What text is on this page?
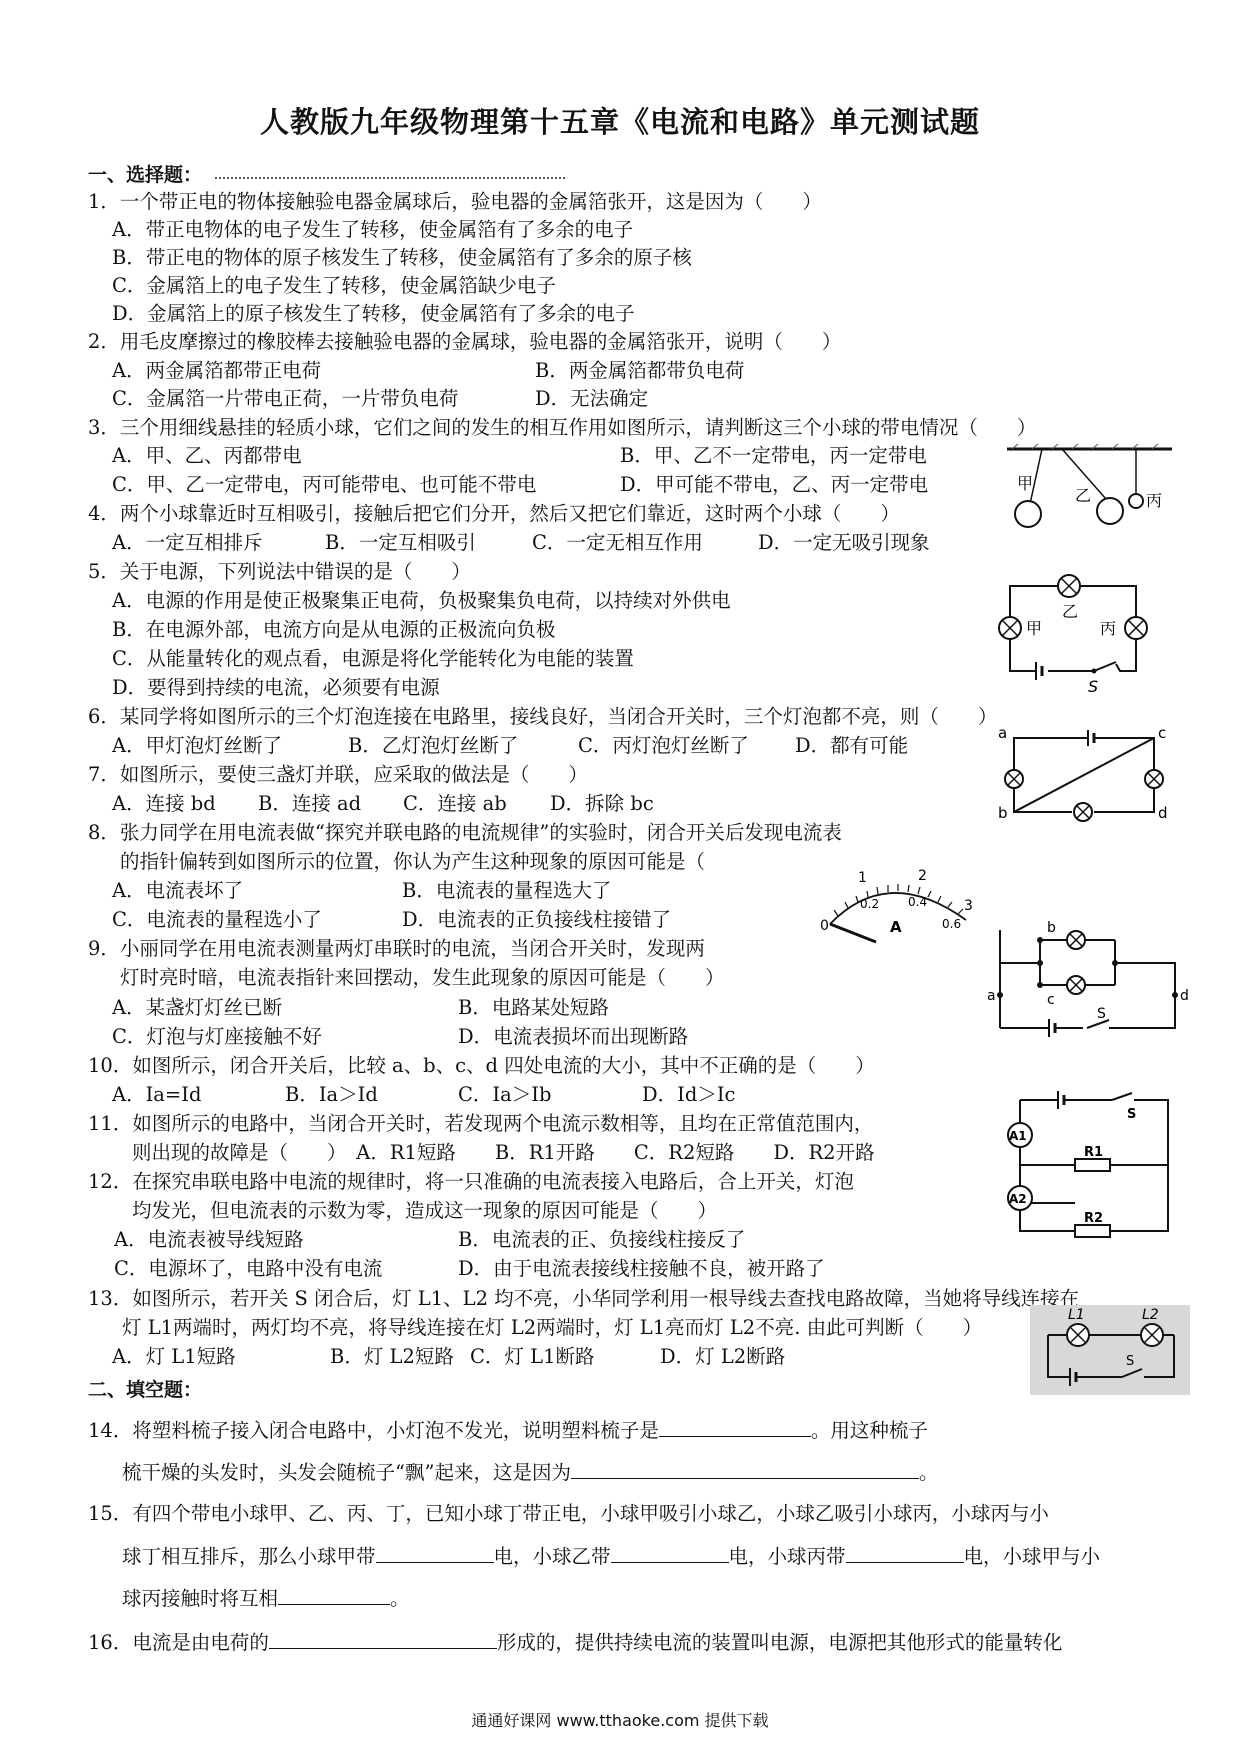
人教版九年级物理第十五章《电流和电路》单元测试题
一、选择题：
1．一个带正电的物体接触验电器金属球后，验电器的金属箔张开，这是因为（　　）
A．带正电物体的电子发生了转移，使金属箔有了多余的电子
B．带正电的物体的原子核发生了转移，使金属箔有了多余的原子核
C．金属箔上的电子发生了转移，使金属箔缺少电子
D．金属箔上的原子核发生了转移，使金属箔有了多余的电子
2．用毛皮摩擦过的橡胶棒去接触验电器的金属球，验电器的金属箔张开，说明（　　）
A．两金属箔都带正电荷	B．两金属箔都带负电荷
C．金属箔一片带电正荷，一片带负电荷	D．无法确定
3．三个用细线悬挂的轻质小球，它们之间的发生的相互作用如图所示，请判断这三个小球的带电情况（　　）
A．甲、乙、丙都带电	B．甲、乙不一定带电，丙一定带电
C．甲、乙一定带电，丙可能带电、也可能不带电	D．甲可能不带电，乙、丙一定带电
4．两个小球靠近时互相吸引，接触后把它们分开，然后又把它们靠近，这时两个小球（　　）
A．一定互相排斥	B．一定互相吸引	C．一定无相互作用	D．一定无吸引现象
5．关于电源，下列说法中错误的是（　　）
A．电源的作用是使正极聚集正电荷，负极聚集负电荷，以持续对外供电
B．在电源外部，电流方向是从电源的正极流向负极
C．从能量转化的观点看，电源是将化学能转化为电能的装置
D．要得到持续的电流，必须要有电源
6．某同学将如图所示的三个灯泡连接在电路里，接线良好，当闭合开关时，三个灯泡都不亮，则（　　）
A．甲灯泡灯丝断了	B．乙灯泡灯丝断了	C．丙灯泡灯丝断了 D．都有可能
7．如图所示，要使三盏灯并联，应采取的做法是（　　）
A．连接 bd B．连接 ad C．连接 ab D．拆除 bc
8．张力同学在用电流表做“探究并联电路的电流规律”的实验时，闭合开关后发现电流表
的指针偏转到如图所示的位置，你认为产生这种现象的原因可能是（
A．电流表坏了	B．电流表的量程选大了
C．电流表的量程选小了	D．电流表的正负接线柱接错了
9．小丽同学在用电流表测量两灯串联时的电流，当闭合开关时，发现两
灯时亮时暗，电流表指针来回摆动，发生此现象的原因可能是（　　）
A．某盏灯灯丝已断	B．电路某处短路
C．灯泡与灯座接触不好	D．电流表损坏而出现断路
10．如图所示，闭合开关后，比较 a、b、c、d 四处电流的大小，其中不正确的是（　　）
A．Ia=Id	B．Ia＞Id	C．Ia＞Ib	D．Id＞Ic
11．如图所示的电路中，当闭合开关时，若发现两个电流示数相等，且均在正常值范围内，
则出现的故障是（　　）　A．R1短路　　B．R1开路　　C．R2短路　　D．R2开路
12．在探究串联电路中电流的规律时，将一只准确的电流表接入电路后，合上开关，灯泡
均发光，但电流表的示数为零，造成这一现象的原因可能是（　　）
A．电流表被导线短路	B．电流表的正、负接线柱接反了
C．电源坏了，电路中没有电流	D．由于电流表接线柱接触不良，被开路了
13．如图所示，若开关 S 闭合后，灯 L1、L2 均不亮，小华同学利用一根导线去查找电路故障，当她将导线连接在
灯 L1两端时，两灯均不亮，将导线连接在灯 L2两端时，灯 L1亮而灯 L2不亮. 由此可判断（　　）
A．灯 L1短路	B．灯 L2短路 C．灯 L1断路	D．灯 L2断路
二、填空题：
14．将塑料梳子接入闭合电路中，小灯泡不发光，说明塑料梳子是	。用这种梳子
梳干燥的头发时，头发会随梳子“飘”起来，这是因为	。
15．有四个带电小球甲、乙、丙、丁，已知小球丁带正电，小球甲吸引小球乙，小球乙吸引小球丙，小球丙与小
球丁相互排斥，那么小球甲带	电，小球乙带	电，小球丙带	电，小球甲与小
球丙接触时将互相	。
16．电流是由电荷的	形成的，提供持续电流的装置叫电源，电源把其他形式的能量转化
甲
乙	丙
乙
甲	丙
S
a
b
c
d
0
1	2
3
0.2 0.4
0.6
A
a
b
c	d
S
A1
A2
R1
R2
S
L1	L2
S
通通好课网 www.tthaoke.com 提供下载
